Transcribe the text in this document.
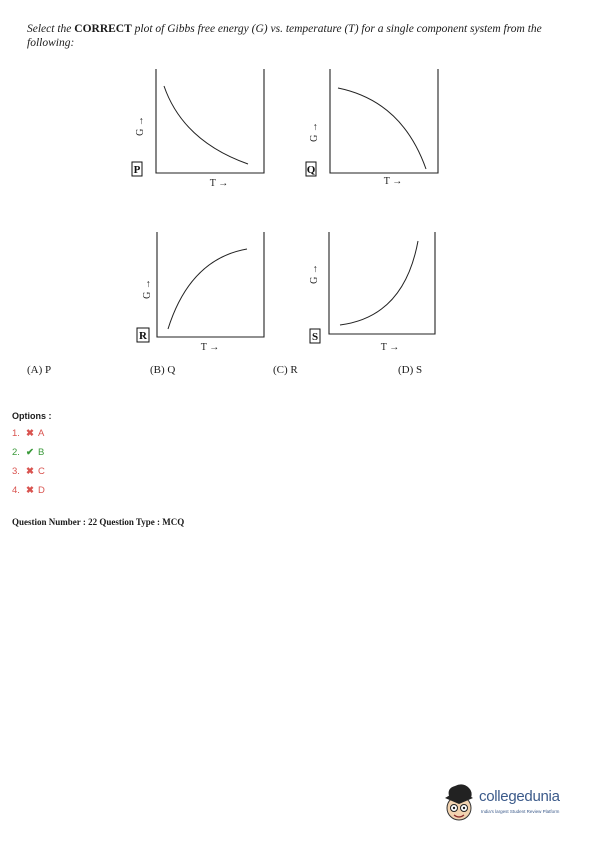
Select the CORRECT plot of Gibbs free energy (G) vs. temperature (T) for a single component system from the following:
G →
P
T →
G →
Q
T →
G →
R
T →
G →
S
T →
(A) P	(B) Q	(C) R	(D) S
Options :
1. ✖ A
2. ✔ B
3. ✖ C
4. ✖ D
Question Number : 22 Question Type : MCQ
collegedunia
India's largest Student Review Platform
